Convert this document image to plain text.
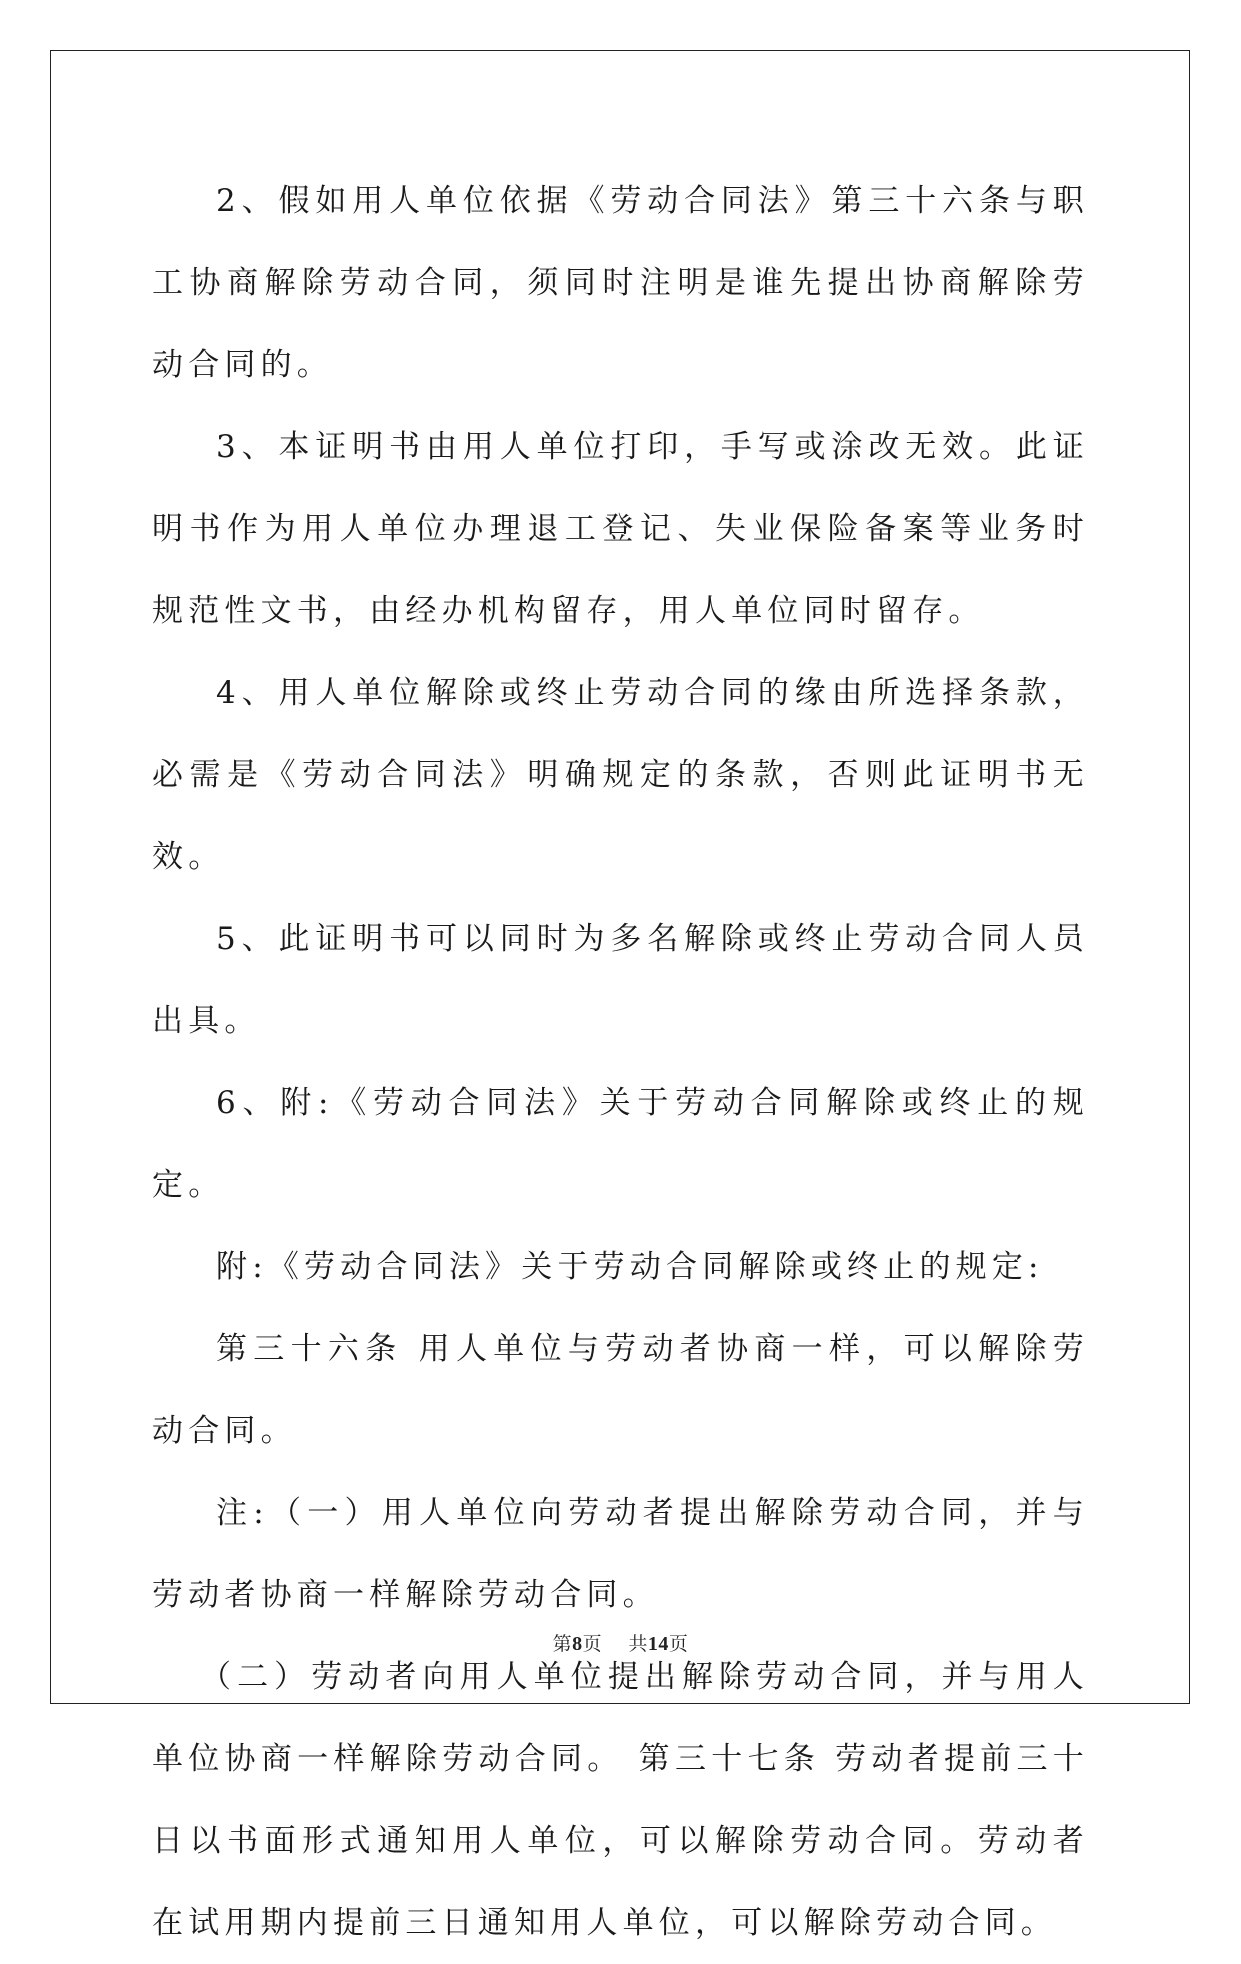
2、假如用人单位依据《劳动合同法》第三十六条与职工协商解除劳动合同，须同时注明是谁先提出协商解除劳动合同的。

3、本证明书由用人单位打印，手写或涂改无效。此证明书作为用人单位办理退工登记、失业保险备案等业务时规范性文书，由经办机构留存，用人单位同时留存。

4、用人单位解除或终止劳动合同的缘由所选择条款，必需是《劳动合同法》明确规定的条款，否则此证明书无效。

5、此证明书可以同时为多名解除或终止劳动合同人员出具。

6、附:《劳动合同法》关于劳动合同解除或终止的规定。

附:《劳动合同法》关于劳动合同解除或终止的规定:

第三十六条 用人单位与劳动者协商一样，可以解除劳动合同。

注:（一）用人单位向劳动者提出解除劳动合同，并与劳动者协商一样解除劳动合同。

（二）劳动者向用人单位提出解除劳动合同，并与用人单位协商一样解除劳动合同。 第三十七条 劳动者提前三十日以书面形式通知用人单位，可以解除劳动合同。劳动者在试用期内提前三日通知用人单位，可以解除劳动合同。

第8页 共14页
